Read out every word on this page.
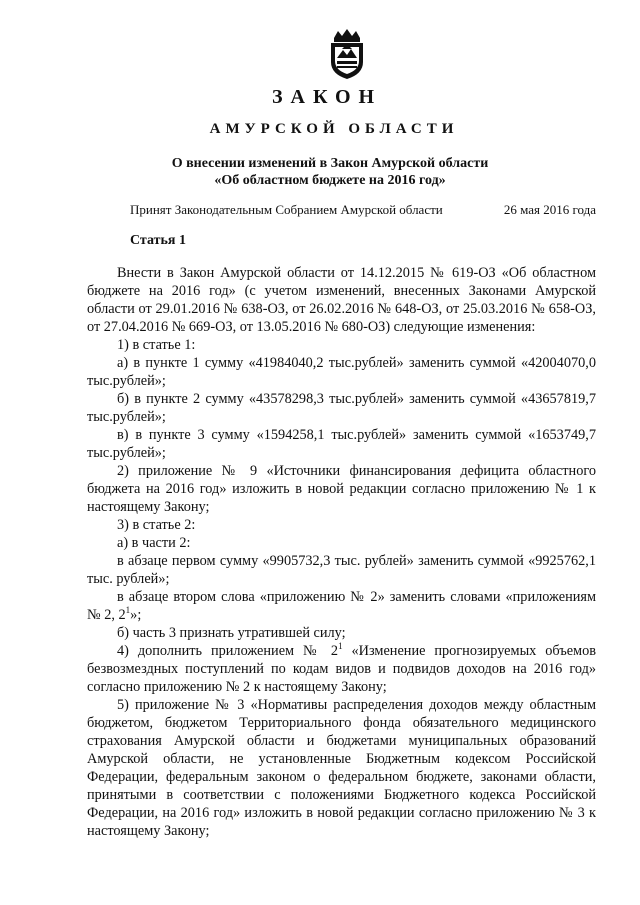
ЗАКОН
АМУРСКОЙ ОБЛАСТИ
О внесении изменений в Закон Амурской области
«Об областном бюджете на 2016 год»
Принят Законодательным Собранием Амурской области	26 мая 2016 года
Статья 1

Внести в Закон Амурской области от 14.12.2015 № 619-ОЗ «Об областном бюджете на 2016 год» (с учетом изменений, внесенных Законами Амурской области от 29.01.2016 № 638-ОЗ, от 26.02.2016 № 648-ОЗ, от 25.03.2016 № 658-ОЗ, от 27.04.2016 № 669-ОЗ, от 13.05.2016 № 680-ОЗ) следующие изменения:

1) в статье 1:

а) в пункте 1 сумму «41984040,2 тыс.рублей» заменить суммой «42004070,0 тыс.рублей»;

б) в пункте 2 сумму «43578298,3 тыс.рублей» заменить суммой «43657819,7 тыс.рублей»;

в) в пункте 3 сумму «1594258,1 тыс.рублей» заменить суммой «1653749,7 тыс.рублей»;

2) приложение № 9 «Источники финансирования дефицита областного бюджета на 2016 год» изложить в новой редакции согласно приложению № 1 к настоящему Закону;

3) в статье 2:

а) в части 2:

в абзаце первом сумму «9905732,3 тыс. рублей» заменить суммой «9925762,1 тыс. рублей»;

в абзаце втором слова «приложению № 2» заменить словами «приложениям № 2, $2^1$»;

б) часть 3 признать утратившей силу;

4) дополнить приложением № $2^1$ «Изменение прогнозируемых объемов безвозмездных поступлений по кодам видов и подвидов доходов на 2016 год» согласно приложению № 2 к настоящему Закону;

5) приложение № 3 «Нормативы распределения доходов между областным бюджетом, бюджетом Территориального фонда обязательного медицинского страхования Амурской области и бюджетами муниципальных образований Амурской области, не установленные Бюджетным кодексом Российской Федерации, федеральным законом о федеральном бюджете, законами области, принятыми в соответствии с положениями Бюджетного кодекса Российской Федерации, на 2016 год» изложить в новой редакции согласно приложению № 3 к настоящему Закону;
